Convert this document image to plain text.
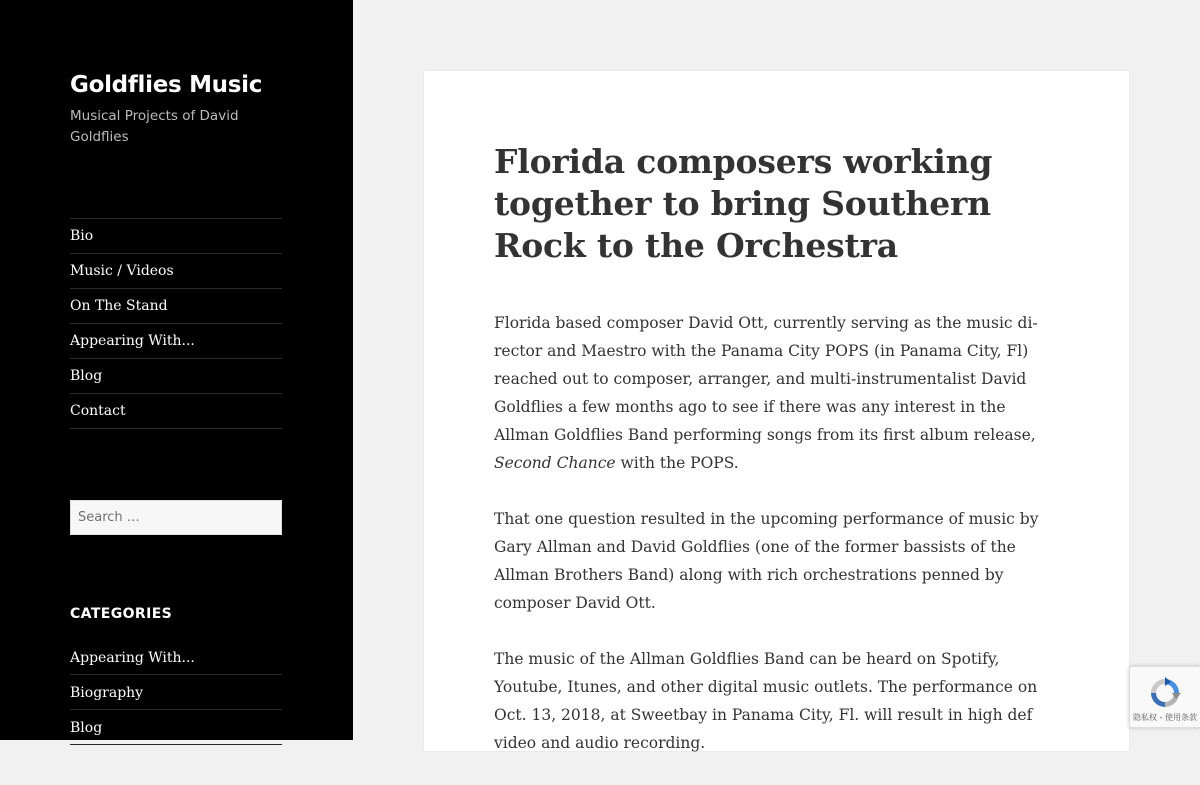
Goldflies Music

Musical Projects of David Goldflies

Bio
Music / Videos
On The Stand
Appearing With...
Blog
Contact
Search …
CATEGORIES
Appearing With...
Biography
Blog
Florida composers working together to bring Southern Rock to the Orchestra

Florida based composer David Ott, currently serving as the music director and Maestro with the Panama City POPS (in Panama City, Fl) reached out to composer, arranger, and multi-instrumentalist David Goldflies a few months ago to see if there was any interest in the Allman Goldflies Band performing songs from its first album release, Second Chance with the POPS.

That one question resulted in the upcoming performance of music by Gary Allman and David Goldflies (one of the former bassists of the Allman Brothers Band) along with rich orchestrations penned by composer David Ott.

The music of the Allman Goldflies Band can be heard on Spotify, Youtube, Itunes, and other digital music outlets. The performance on Oct. 13, 2018, at Sweetbay in Panama City, Fl. will result in high def video and audio recording.

隐私权 - 使用条款
